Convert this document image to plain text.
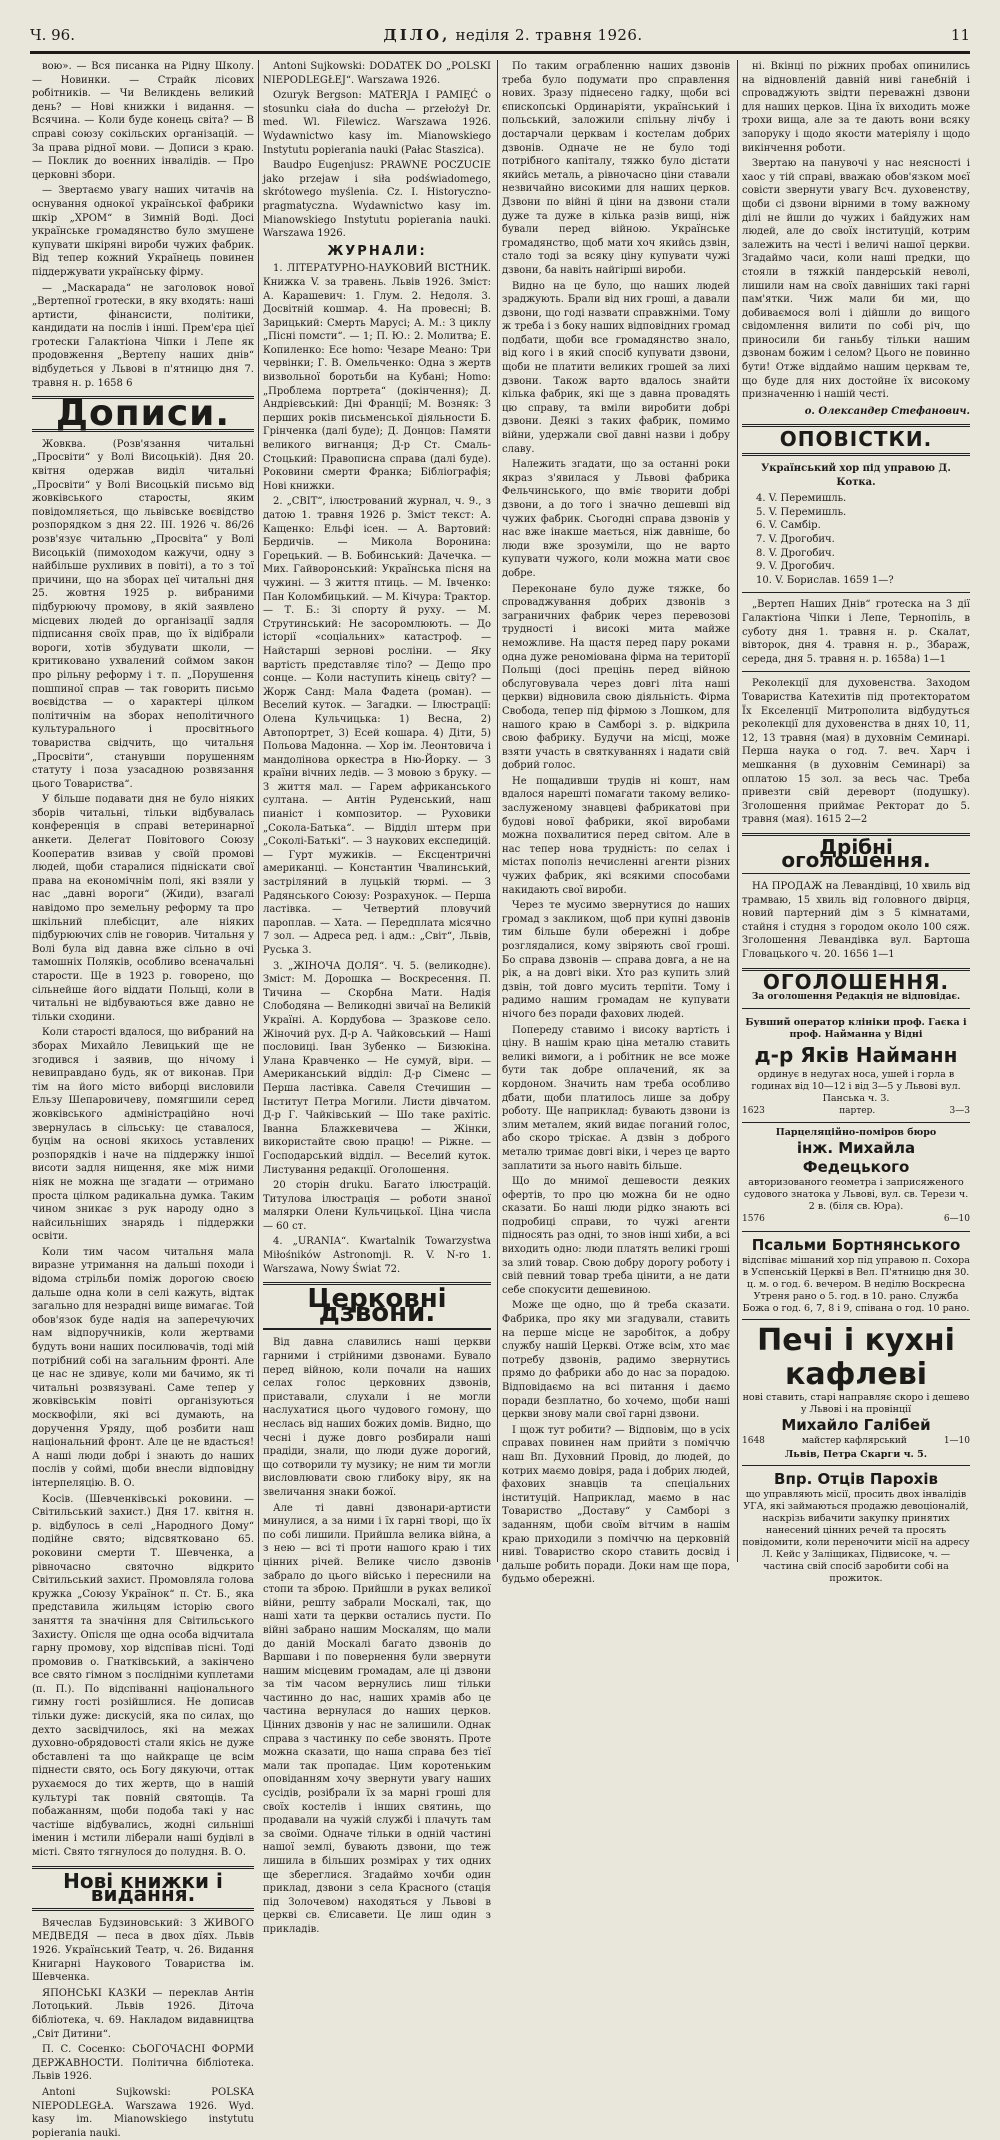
Ч. 96.	ДІЛО, неділя 2. травня 1926.	11

вою». — Вся писанка на Рідну Школу. — Новинки. — Страйк лісових робітників. — Чи Великдень великий день? — Нові книжки і видання. — Всячина. — Коли буде конець світа? — В справі союзу сокільских організацій. — За права рідної мови. — Дописи з краю. — Поклик до воєнних інвалідів. — Про церковні збори.

— Звертаємо увагу наших читачів на оснування однокої української фабрики шкір „ХРОМ“ в Зимній Воді. Досі українське громадянство було змушене купувати шкіряні вироби чужих фабрик. Від тепер кожний Українець повинен піддержувати українську фірму.

— „Маскарада“ не заголовок нової „Вертепної гротески, в яку входять: наші артисти, фінансисти, політики, кандидати на послів і інші. Прем'єра цієї гротески Галактіона Чіпки і Лепе як продовження „Вертепу наших днів“ відбудеться у Львові в п'ятницю дня 7. травня н. р. 1658 6

Дописи.

Жовква. (Розв'язання читальні „Просвіти“ у Волі Висоцькій). Дня 20. квітня одержав виділ читальні „Просвіти“ у Волі Висоцькій письмо від жовківського старосты, яким повідомляється, що львівське воєвідство розпорядком з дня 22. III. 1926 ч. 86/26 розв'язує читальню „Просвіта“ у Волі Висоцькій (пимоходом кажучи, одну з найбільше рухливих в повіті), а то з тої причини, що на зборах цеї читальні дня 25. жовтня 1925 р. вибраними підбурюючу промову, в якій заявлено місцевих людей до організації задля підписання своїх прав, що їх відібрали вороги, хотів збудувати школи, — критиковано ухвалений соймом закон про рільну реформу і т. п. „Порушення пошпиної справ — так говорить письмо воєвідства — о характері цілком політичнім на зборах неполітичного культурального і просвітнього товариства свідчить, що читальня „Просвіти“, станувши порушенням статуту і поза узасадною розвязання цього Товариства“.

У більше подавати дня не було ніяких зборів читальні, тільки відбувалась конференція в справі ветеринарної анкети. Делегат Повітового Союзу Кооператив взивав у своїй промові людей, щоби старалися підніскати свої права на економічнім полі, які взяли у нас „давні вороги“ (Жиди), взагалі навідомо про земельну реформу та про шкільний плебісцит, але ніяких підбурюючих слів не говорив. Читальня у Волі була від давна вже сільно в очі тамошніх Поляків, особливо всеначальні старости. Ще в 1923 р. говорено, що сільнейше його віддати Польщі, коли в читальні не відбуваються вже давно не тільки сходини.

Коли старості вдалося, що вибраний на зборах Михайло Левицький ще не згодився і заявив, що нічому і невиправдано будь, як от виконав. При тім на його місто виборці висловили Ельзу Шепаровичeву, помягшили серед жовківського адміністраційно ночі звернулась в сільську: це ставалося, буцім на основі якихось уставлених розпорядків і наче на піддержку іншої висоти задля нищення, яке між ними ніяк не можна ще згадати — отримано проста цілком радикальна думка. Таким чином зникає з рук народу одно з найсильніших знарядь і піддержки освіти.

Коли тим часом читальня мала виразне утримання на дальші походи і відома стрільби поміж дорогою своєю дальше одна коли в селі кажуть, відтак загально для незрадні вище вимагає. Той обов'язок буде надія на заперечуючих нам відпоручників, коли жертвами будуть вони наших посилювачів, тоді мій потрібний собі на загальним фронті. Але це нас не здивує, коли ми бачимо, як ті читальні розвязувані. Саме тепер у жовківськім повіті організуються москвофіли, які всі думають, на доручення Уряду, щоб розбити наш національний фронт. Але це не вдасться! А наші люди добрі і знають до наших послів у соймі, щоби внесли відповідну інтерпеляцію. В. О.

Косів. (Шевченківські роковини. — Світильський захист.) Дня 17. квітня н. р. відбулось в селі „Народного Дому“ подійне свято; відсвятковано 65. роковини смерти Т. Шевченка, а рівночасно святочно відкрито Світильський захист. Промовляла голова кружка „Союзу Українок“ п. Ст. Б., яка представила жильцям історію свого заняття та значіння для Світильського Захисту. Опісля ще одна особа відчитала гарну промову, хор відспівав пісні. Тоді промовив о. Гнатківський, а закінчено все свято гімном з послідніми куплетами (п. П.). По відспіванні національного гимну гості розійшлися. Не дописав тільки дуже: дискусій, яка по силах, що дехто засвідчилось, які на межах духовно-обрядовості стали якісь не дуже обставлені та що найкраще це всім піднести свято, ось Богу дякуючи, оттак рухаємося до тих жертв, що в нашій культурі так повній святощів. Та побажанням, щоби подоба такі у нас частіше відбувались, жодні сильніші іменин і мстили ліберали наші будівлі в місті. Свято тягнулося до полудня. В. О.

Нові книжки і видання.

Вячеслав Будзиновський: З ЖИВОГО МЕДВЕДЯ — песа в двох дїях. Львів 1926. Український Театр, ч. 26. Видання Книгарні Наукового Товариства ім. Шевченка.

ЯПОНСЬКІ КАЗКИ — переклав Антін Лотоцький. Львів 1926. Діточа бібліотека, ч. 69. Накладом видавництва „Світ Дитини“.

П. С. Сосенко: СЬОГОЧАСНІ ФОРМИ ДЕРЖАВНОСТИ. Політична бібліотека. Львів 1926.

Antoni Sujkowski: POLSKA NIEPODLEGŁA. Warszawa 1926. Wyd. kasy im. Mianowskiego instytutu popierania nauki.

Antoni Sujkowski: DODATEK DO „POLSKI NIEPODLEGŁEJ“. Warszawa 1926.

Ozuryk Bergson: MATERJA I PAMIĘĆ o stosunku ciała do ducha — przełożył Dr. med. Wl. Filewicz. Warszawa 1926. Wydawnictwo kasy im. Mianowskiego Instytutu popierania nauki (Pałac Staszica).

Baudpo Eugenjusz: PRAWNE POCZUCIE jako przejaw i siła podświadomego, skrótowego myślenia. Cz. I. Historyczno-pragmatyczna. Wydawnictwo kasy im. Mianowskiego Instytutu popierania nauki. Warszawa 1926.

ЖУРНАЛИ:

1. ЛІТЕРАТУРНО-НАУКОВИЙ ВІСТНИК. Книжка V. за травень. Львів 1926. Зміст: А. Карашевич: 1. Глум. 2. Недоля. 3. Досвітній кошмар. 4. На провесні; В. Зарицький: Смерть Марусі; А. М.: З циклу „Пісні помсти“. — 1; П. Ю.: 2. Молитва; Е. Копиленко: Есе homo: Чезаре Меано: Три червінки; Г. В. Омельченко: Одна з жертв визвольної боротьби на Кубані; Homo: „Проблема портрета“ (докінчення); Д. Андрієвський: Дні Франції; М. Возняк: З перших років письменської діяльности Б. Грінченка (далі буде); Д. Донцов: Памяти великого вигнанця; Д-р Ст. Смаль-Стоцький: Правописна справа (далі буде). Роковини смерти Франка; Бібліографія; Нові книжки.

2. „СВІТ“, ілюстрований журнал, ч. 9., з датою 1. травня 1926 р. Зміст текст: А. Кащенко: Ельфі ісен. — А. Вартовий: Бердичів. — Микола Воронина: Горецький. — В. Бобинський: Дачечка. — Мих. Гайворонський: Українська пісня на чужині. — З життя птиць. — М. Івченко: Пан Коломбицький. — М. Кічура: Трактор. — Т. Б.: Зі спорту й руху. — М. Струтинський: Не засоромлюють. — До історії «соціальних» катастроф. — Найстарші зернові росліни. — Яку вартість представляє тіло? — Дещо про сонце. — Коли наступить кінець світу? — Жорж Санд: Мала Фадета (роман). — Веселий куток. — Загадки. — Ілюстрації: Олена Кульчицька: 1) Весна, 2) Автопортрет, 3) Есей кошара. 4) Діти, 5) Польова Мадонна. — Хор ім. Леонтовича і мандолінова оркестра в Ню-Йорку. — З країни вічних ледів. — З мовою з бруку. — З життя мал. — Гарем африканського султана. — Антін Руденський, наш пианіст і композитор. — Руховики „Сокола-Батька“. — Відділ штерм при „Соколі-Батькі“. — 3 наукових експедицій. — Гурт мужиків. — Ексцентричні американці. — Константин Чвалинський, застріляний в луцькій тюрмі. — З Радянського Союзу: Розрахунок. — Перша ластівка. — Четвертий пловучий пароплав. — Хата. — Передплата місячно 7 зол. — Адреса ред. і адм.: „Світ“, Львів, Руська 3.

3. „ЖІНОЧА ДОЛЯ“. Ч. 5. (великоднє). Зміст: М. Дорошка — Воскресення. П. Тичина — Скорбна Мати. Надія Слободяна — Великодні звичаї на Великій Україні. А. Кордубова — Зразкове село. Жіночий рух. Д-р А. Чайковський — Наші пословиці. Іван Зубенко — Бизюкіна. Улана Кравченко — Не сумуй, віри. — Американський відділ: Д-р Сіменс — Перша ластівка. Савеля Стечишин — Інститут Петра Могили. Листи дівчатом. Д-р Г. Чайківський — Шо таке рахітіс. Іванна Блажкевичева — Жінки, використайте свою працю! — Ріжне. — Господарський відділ. — Веселий куток. Листування редакції. Оголошення.

20 сторін druku. Багато ілюстрацій. Титулова ілюстрація — роботи знаної малярки Олени Кульчицької. Ціна числа — 60 ст.

4. „URANIA“. Kwartalnik Towarzystwa Miłośników Astronomji. R. V. N-ro 1. Warszawa, Nowy Świat 72.

Церковні дзвони.

Від давна славились наші церкви гарними і стрійними дзвонами. Бувало перед війною, коли почали на наших селах голос церковних дзвонів, приставали, слухали і не могли наслухатися цього чудового гомону, що неслась від наших божих домів. Видно, що чесні і дуже довго розбирали наші прадіди, знали, що люди дуже дорогий, що сотворили ту музику; не ним ти могли висловлювати свою глибоку віру, як на звеличання знаки божої.

Але ті давні дзвонари-артисти минулися, а за ними і їх гарні творі, що їх по собі лишили. Прийшла велика війна, а з нею — всі ті проти нашого краю і тих цінних річей. Велике число дзвонів забрало до цього військо і переснили на стопи та зброю. Прийшли в руках великої війни, решту забрали Москалі, так, що наші хати та церкви остались пусти. По війні забрано нашим Москалям, що мали до даній Москалі багато дзвонів до Варшави і по повернення були звернути нашим місцевим громадам, але ці дзвони за тім часом вернулись лиш тільки частинно до нас, наших храмів або це частина вернулася до наших церков. Цінних дзвонів у нас не залишили. Однак справа з частинку по себе звонять. Проте можна сказати, що наша справа без тієї мали так пропадає. Цим коротеньким оповіданням хочу звернути увагу наших сусідів, розібрали їх за марні гроші для своїх костелів і інших святинь, що продавали на чужій службі і плачуть там за своїми. Одначе тільки в одній частині нашої землі, бувають дзвони, що теж лишила в більших розмірах у тих одних ще збереглися. Згадаймо хочби один приклад, дзвони з села Красного (стація під Золочевом) находяться у Львові в церкві св. Єлисавети. Це лиш один з прикладів.

По таким ограбленню наших дзвонів треба було подумати про справлення нових. Зразу піднесено гадку, щоби всі єпископські Ординаріяти, український і польський, заложили спільну лічбу і достарчали церквам і костелам добрих дзвонів. Одначе не не було тоді потрібного капіталу, тяжко було дістати якийсь металь, а рівночасно ціни ставали незвичайно високими для наших церков. Дзвони по війні й ціни на дзвони стали дуже та дуже в кілька разів вищі, ніж бували перед війною. Українське громадянство, щоб мати хоч якийсь дзвін, стало тоді за всяку ціну купувати чужі дзвони, ба навіть найгірші вироби.

Видно на це було, що наших людей зраджують. Брали від них гроші, а давали дзвони, що годі назвати справжніми. Тому ж треба і з боку наших відповідних громад подбати, щоби все громадянство знало, від кого і в який спосіб купувати дзвони, щоби не платити великих грошей за лихі дзвони. Також варто вдалось знайти кілька фабрик, які ще з давна провадять цю справу, та вміли виробити добрі дзвони. Деякі з таких фабрик, помимо війни, удержали свої давні назви і добру славу.

Належить згадати, що за останні роки якраз з'явилася у Львові фабрика Фельчинського, що вміє творити добрі дзвони, а до того і значно дешевші від чужих фабрик. Сьогодні справа дзвонів у нас вже інакше мається, ніж давніше, бо люди вже зрозуміли, що не варто купувати чужого, коли можна мати своє добре.

Переконане було дуже тяжке, бо спроваджування добрих дзвонів з заграничних фабрик через перевозові трудності і високі мита майже неможливе. На щастя перед пару роками одна дуже реноміована фірма на території Польщі (досі прецінь перед війною обслуговувала через довгі літа наші церкви) відновила свою діяльність. Фірма Свобода, тепер під фірмою з Лошком, для нашого краю в Самборі з. р. відкрила свою фабрику. Будучи на місці, може взяти участь в святкуваннях і надати свій добрий голос.

Не пощадивши трудів ні кошт, нам вдалося нарешті помагати такому велико-заслуженому знавцеві фабрикатові при будові нової фабрики, якої виробами можна похвалитися перед світом. Але в нас тепер нова трудність: по селах і містах пополіз нечисленні агенти різних чужих фабрик, які всякими способами накидають свої вироби.

Через те мусимо звернутися до наших громад з закликом, щоб при купні дзвонів тим більше були обережні і добре розглядалися, кому звіряють свої гроші. Бо справа дзвонів — справа довга, а не на рік, а на довгі віки. Хто раз купить злий дзвін, той довго мусить терпіти. Тому і радимо нашим громадам не купувати нічого без поради фахових людей.

Попереду ставимо і високу вартість і ціну. В нашім краю ціна металю ставить великі вимоги, а і робітник не все може бути так добре оплачений, як за кордоном. Значить нам треба особливо дбати, щоби платилось лише за добру роботу. Ще наприклад: бувають дзвони із злим металем, який видає поганий голос, або скоро тріскає. А дзвін з доброго металю тримає довгі віки, і через це варто заплатити за нього навіть більше.

Що до мнимої дешевости деяких офертів, то про цю можна би не одно сказати. Бо наші люди рідко знають всі подробиці справи, то чужі агенти підносять раз одні, то знов інші хиби, а всі виходить одно: люди платять великі гроші за злий товар. Свою добру дорогу роботу і свій певний товар треба цінити, а не дати себе спокусити дешевиною.

Може ще одно, що й треба сказати. Фабрика, про яку ми згадували, ставить на перше місце не заробіток, а добру службу нашій Церкві. Отже всім, хто має потребу дзвонів, радимо звернутись прямо до фабрики або до нас за порадою. Відповідаємо на всі питання і даємо поради безплатно, бо хочемо, щоби наші церкви знову мали свої гарні дзвони.

І щож тут робити? — Відповім, що в усіх справах повинен нам прийти з поміччю наш Вп. Духовний Провід, до людей, до котрих маємо довіря, рада і добрих людей, фахових знавців та спеціальних інституцій. Наприклад, маємо в нас Товариство „Доставу“ у Самборі з заданням, щоби своїм вітчим в нашім краю приходили з поміччю на церковній ниві. Товариство скоро ставить досвід і дальше робить поради. Доки нам ще пора, будьмо обережні.

ні. Вкінці по ріжних пробах опинились на відновленій давній ниві ганебній і спроваджують звідти переважні дзвони для наших церков. Ціна їх виходить може трохи вища, але за те дають вони всяку запоруку і щодо якости матеріялу і щодо викінчення роботи.

Звертаю на панувочі у нас неясності і хаос у тій справі, вважаю обов'язком моєї совісти звернути увагу Всч. духовенству, щоби сі дзвони вірними в тому важному ділі не йшли до чужих і байдужих нам людей, але до своїх інституцій, котрим залежить на честі і величі нашої церкви. Згадаймо часи, коли наші предки, що стояли в тяжкій пандерській неволі, лишили нам на своїх давніших такі гарні пам'ятки. Чиж мали би ми, що добиваємося волі і дійшли до вищого свідомлення вилити по собі річ, що приносили би ганьбу тільки нашим дзвонам божим і селом? Цього не повинно бути! Отже віддаймо нашим церквам те, що буде для них достойне їх високому призначенню і нашій честі.

о. Олександер Стефанович.
ОПОВІСТКИ.
Український хор під управою Д. Котка.

4. V. Перемишль.

5. V. Перемишль.

6. V. Самбір.

7. V. Дрогобич.

8. V. Дрогобич.

9. V. Дрогобич.

10. V. Борислав. 1659 1—?

„Вертеп Наших Днів“ гротеска на 3 дії Галактіона Чіпки і Лепе, Тернопіль, в суботу дня 1. травня н. р. Скалат, вівторок, дня 4. травня н. р., Збараж, середа, дня 5. травня н. р. 1658а) 1—1

Реколекції для духовенства. Заходом Товариства Катехитів під протекторатом Їх Екселенції Митрополита відбудуться реколекції для духовенства в днях 10, 11, 12, 13 травня (мая) в духовнім Семинарі. Перша наука о год. 7. веч. Харч і мешкання (в духовнім Семинарі) за оплатою 15 зол. за весь час. Треба привезти свій дереворт (подушку). Зголошення приймає Ректорат до 5. травня (мая). 1615 2—2

Дрібні оголошення.

НА ПРОДАЖ на Левандівці, 10 хвиль від трамваю, 15 хвиль від головного двірця, новий партерний дім з 5 кімнатами, стайня і студня з городом около 100 сяж. Зголошення Левандівка вул. Бартоша Гловацького ч. 20. 1656 1—1

ОГОЛОШЕННЯ.
За оголошення Редакція не відповідає.
Бувший оператор клініки проф. Гаєка і проф. Найманна у Відні
д-р Яків Найманн
ординує в недугах носа, ушей і горла в годинах від 10—12 і від 3—5 у Львові вул. Панська ч. 3.
1623	партер.	3—3
Парцеляційно-поміров бюро
інж. Михайла Федецького
авторизованого геометра і заприсяженого судового знатока у Львові, вул. св. Терези ч. 2 в. (біля св. Юра).
1576	6—10
Псальми Бортнянського
відспіває мішаний хор під управою п. Сохора в Успенській Церкві в Вел. П'ятницю дня 30. ц. м. о год. 6. вечером. В неділю Воскресна Утреня рано о 5. год. в 10. рано. Служба Божа о год. 6, 7, 8 і 9, співана о год. 10 рано.
Печі і кухні кафлеві
нові ставить, старі направляє скоро і дешево у Львові і на провінції
Михайло Галібей
1648	майстер кафлярський	1—10
Львів, Петра Скарги ч. 5.
Впр. Отців Парохів
що управляють місії, просить двох інвалідів УГА, які займаються продажю девоціоналій, наскрізь вибачити закупку принятих нанесений цінних речей та просять повідомити, коли переночити місії на адресу Л. Кейс у Заліщиках, Підвисоке, ч. — частина свій спосіб заробити собі на прожиток.
